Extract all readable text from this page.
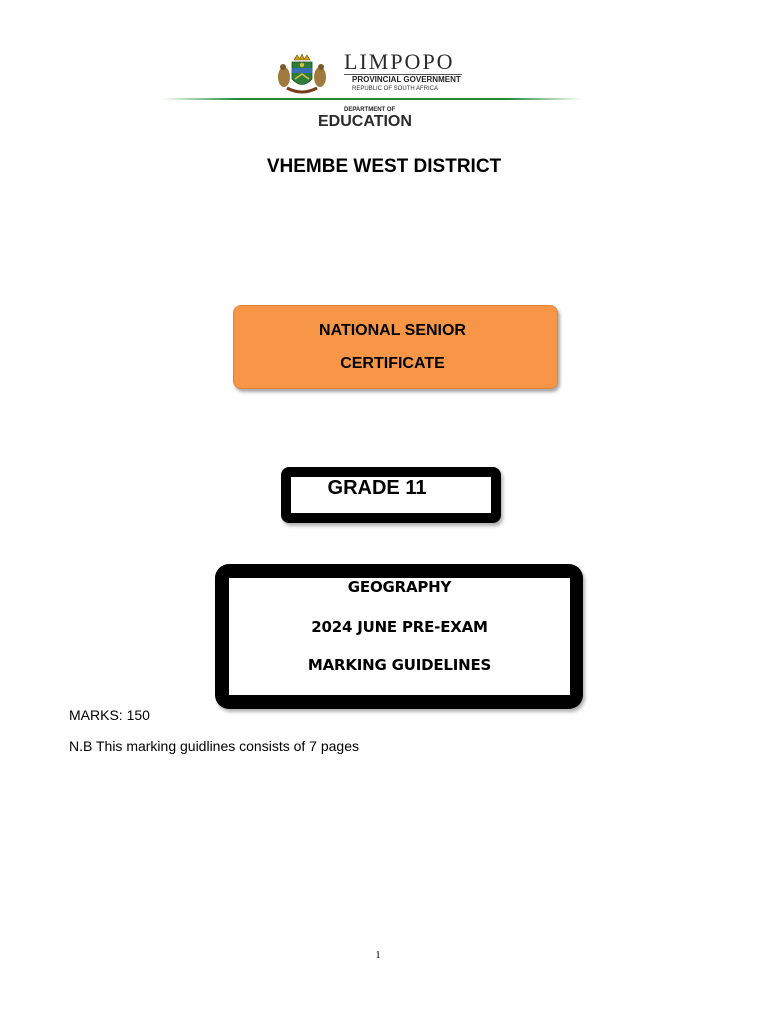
LIMPOPO
PROVINCIAL GOVERNMENT
REPUBLIC OF SOUTH AFRICA
DEPARTMENT OF
EDUCATION
VHEMBE WEST DISTRICT
NATIONAL SENIOR
CERTIFICATE
GRADE 11
GEOGRAPHY
2024 JUNE PRE-EXAM
MARKING GUIDELINES
MARKS: 150
N.B This marking guidlines consists of 7 pages
1
